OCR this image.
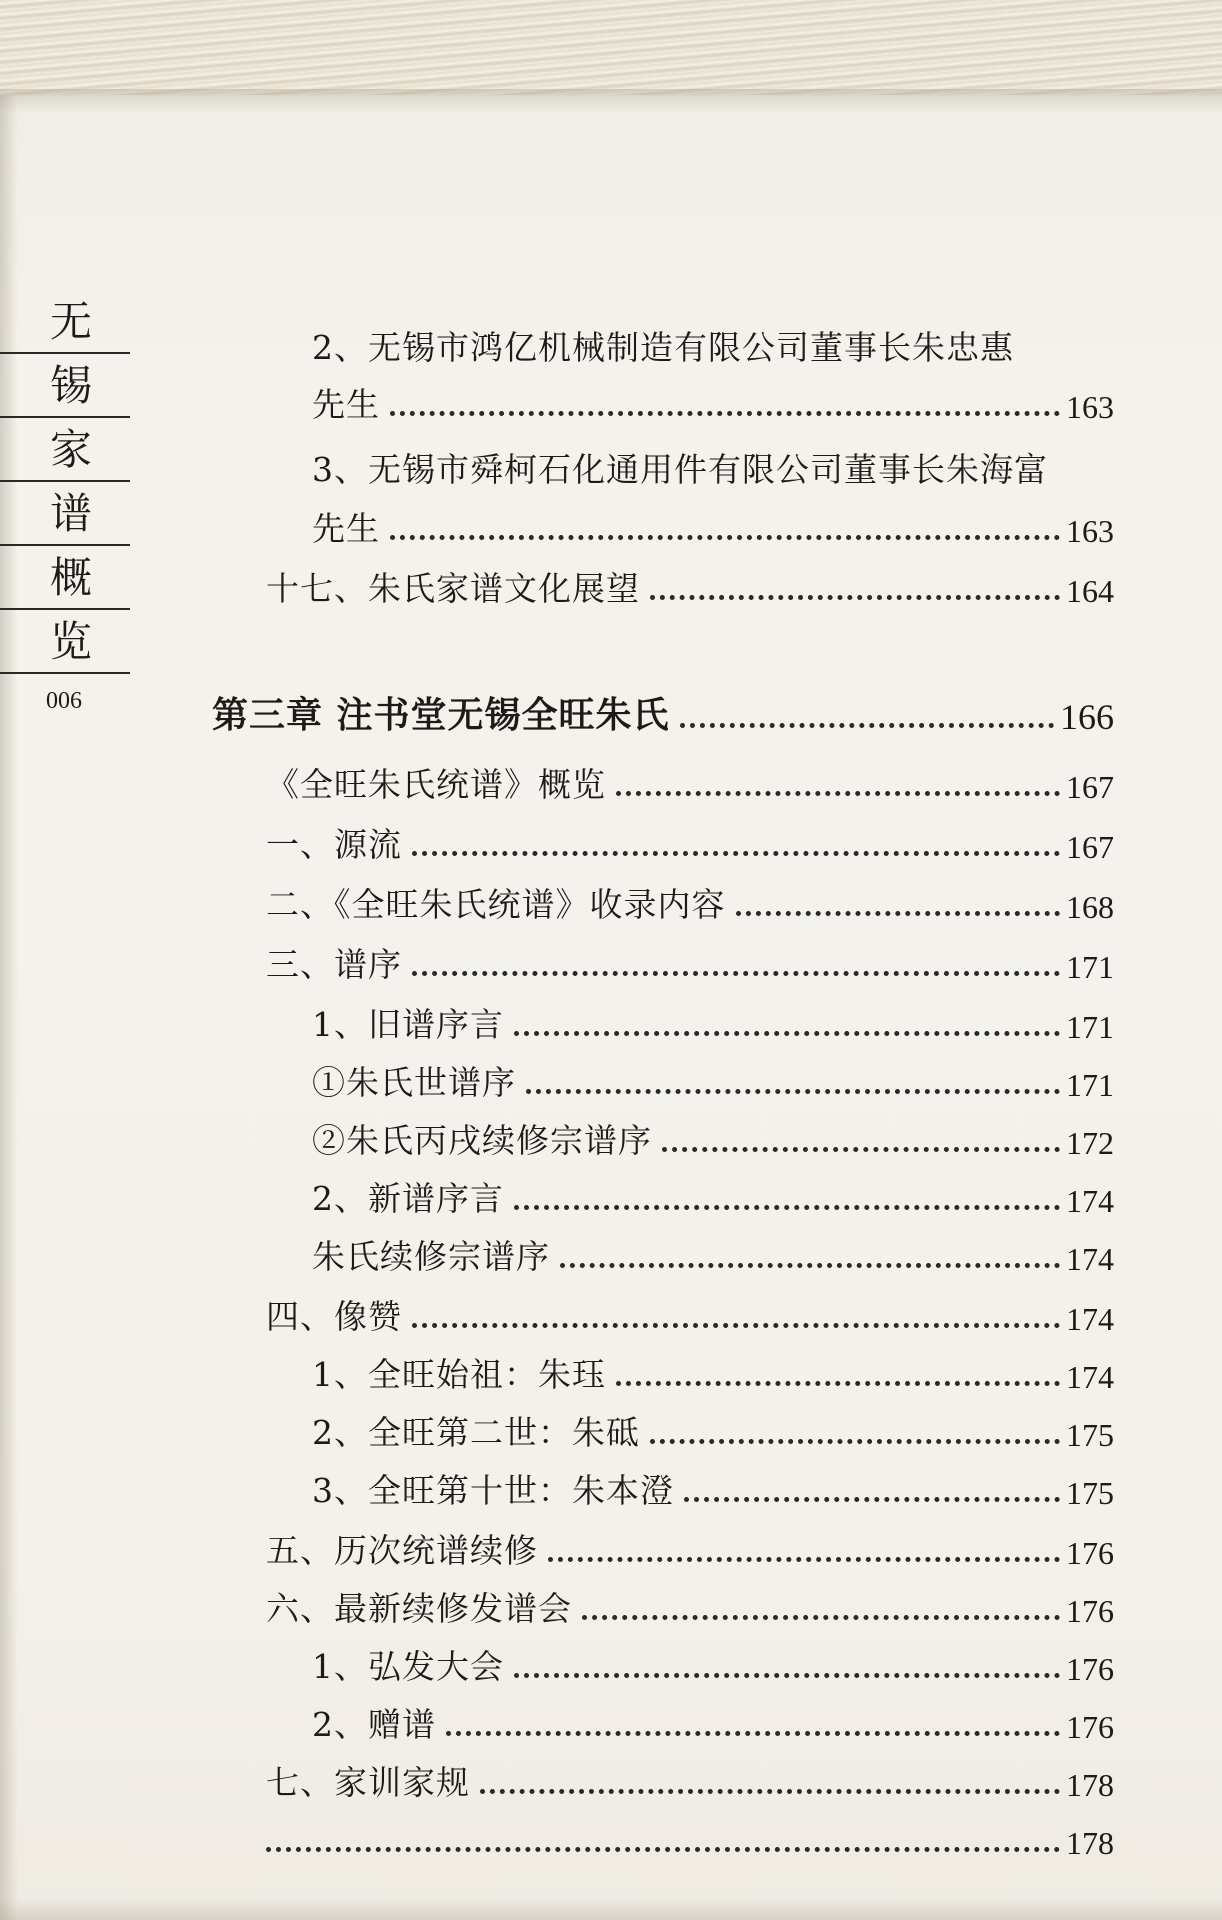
无
锡
家
谱
概
览
006
2、无锡市鸿亿机械制造有限公司董事长朱忠惠
先生	163
3、无锡市舜柯石化通用件有限公司董事长朱海富
先生	163
十七、朱氏家谱文化展望	164
第三章 注书堂无锡全旺朱氏	166
《全旺朱氏统谱》概览	167
一、源流	167
二、《全旺朱氏统谱》收录内容	168
三、谱序	171
1、旧谱序言	171
①朱氏世谱序	171
②朱氏丙戌续修宗谱序	172
2、新谱序言	174
朱氏续修宗谱序	174
四、像赞	174
1、全旺始祖：朱珏	174
2、全旺第二世：朱砥	175
3、全旺第十世：朱本澄	175
五、历次统谱续修	176
六、最新续修发谱会	176
1、弘发大会	176
2、赠谱	176
七、家训家规	178
178
